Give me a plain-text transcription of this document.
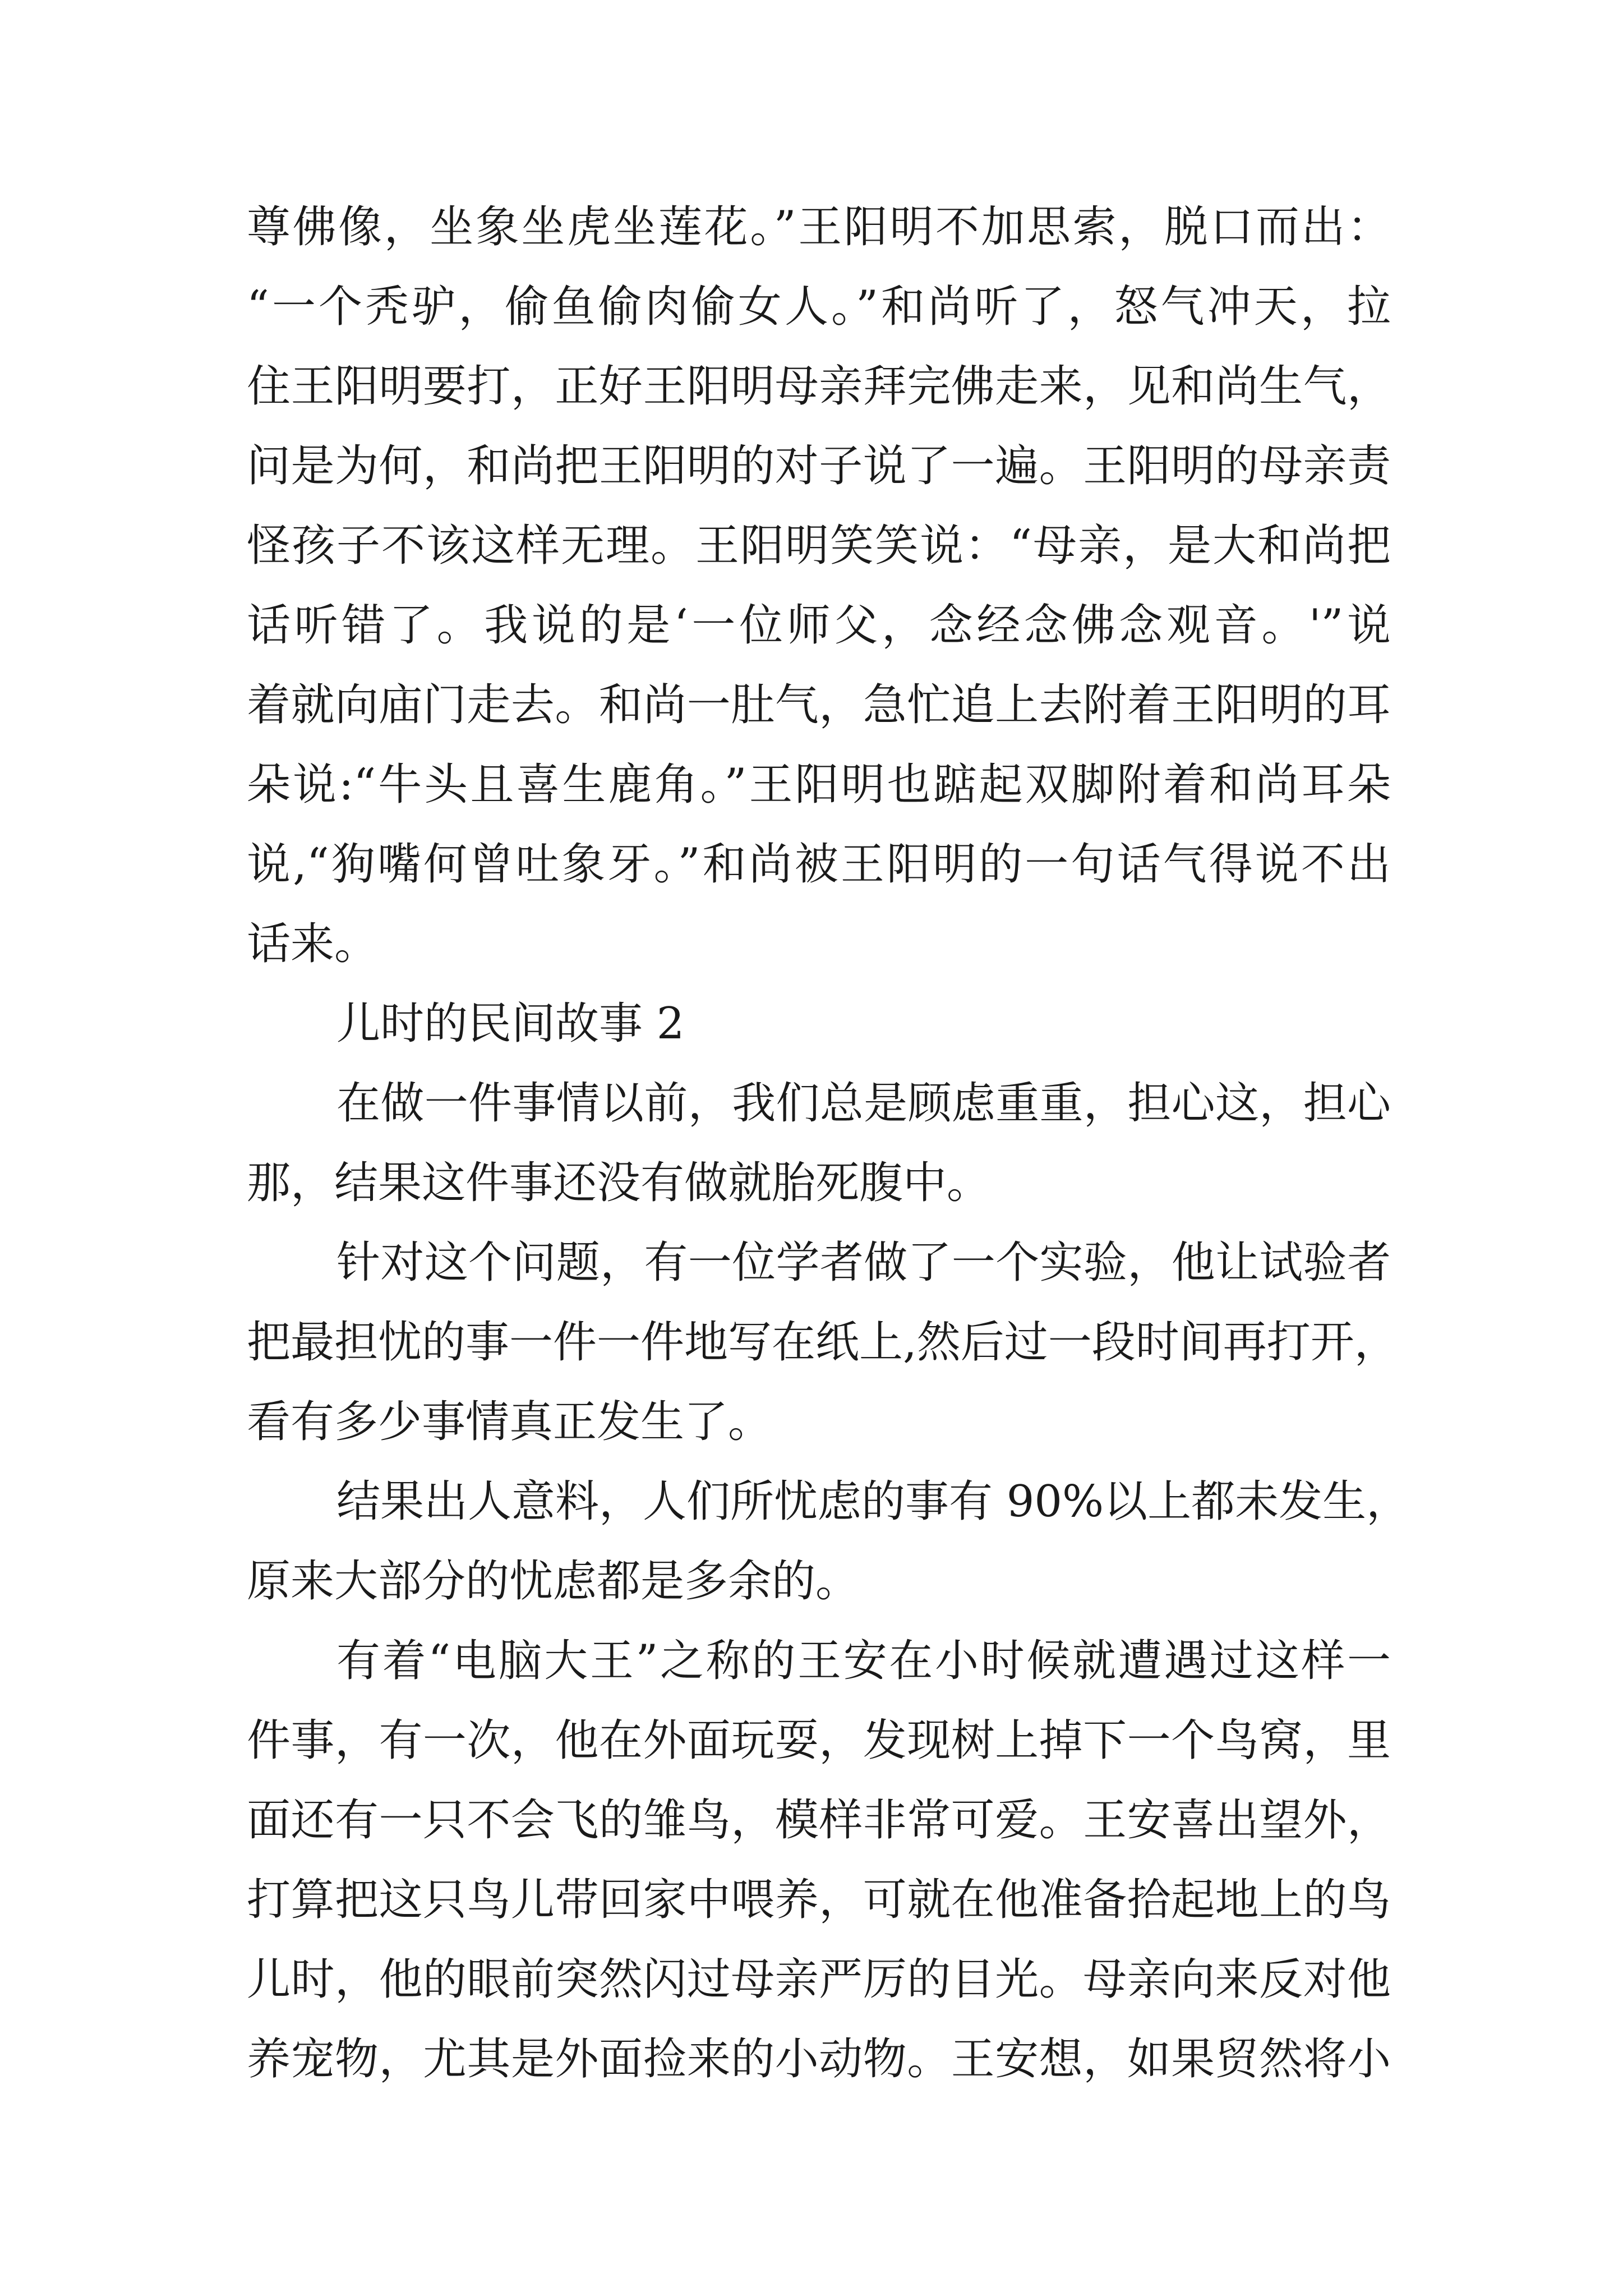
尊佛像，坐象坐虎坐莲花。”王阳明不加思索，脱口而出：
“一个秃驴，偷鱼偷肉偷女人。”和尚听了，怒气冲天，拉
住王阳明要打，正好王阳明母亲拜完佛走来，见和尚生气，
问是为何，和尚把王阳明的对子说了一遍。王阳明的母亲责
怪孩子不该这样无理。王阳明笑笑说：“母亲，是大和尚把
话听错了。我说的是‘一位师父，念经念佛念观音。'”说
着就向庙门走去。和尚一肚气，急忙追上去附着王阳明的耳
朵说:“牛头且喜生鹿角。”王阳明也踮起双脚附着和尚耳朵
说,“狗嘴何曾吐象牙。”和尚被王阳明的一句话气得说不出
话来。
儿时的民间故事 2
在做一件事情以前，我们总是顾虑重重，担心这，担心
那，结果这件事还没有做就胎死腹中。
针对这个问题，有一位学者做了一个实验，他让试验者
把最担忧的事一件一件地写在纸上,然后过一段时间再打开，
看有多少事情真正发生了。
结果出人意料，人们所忧虑的事有 90%以上都未发生，
原来大部分的忧虑都是多余的。
有着“电脑大王”之称的王安在小时候就遭遇过这样一
件事，有一次，他在外面玩耍，发现树上掉下一个鸟窝，里
面还有一只不会飞的雏鸟，模样非常可爱。王安喜出望外，
打算把这只鸟儿带回家中喂养，可就在他准备拾起地上的鸟
儿时，他的眼前突然闪过母亲严厉的目光。母亲向来反对他
养宠物，尤其是外面捡来的小动物。王安想，如果贸然将小
